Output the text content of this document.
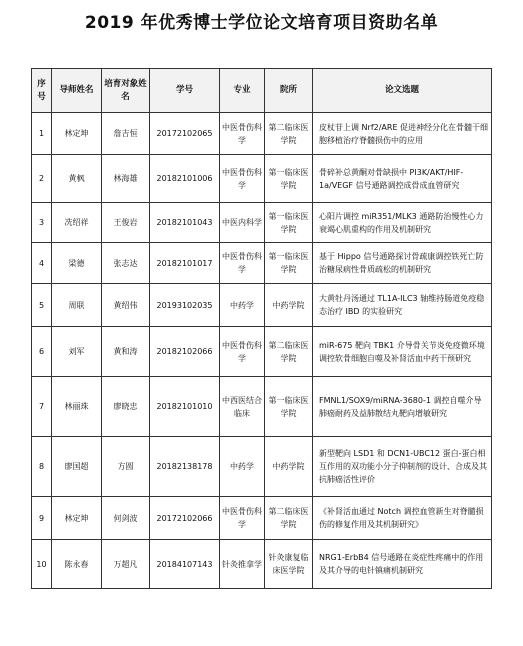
2019 年优秀博士学位论文培育项目资助名单
序号	导师姓名	培育对象姓名	学号	专业	院所	论文选题
1	林定坤	詹吉恒	20172102065	中医骨伤科学	第二临床医学院	皮杖苷上调 Nrf2/ARE 促进神经分化在骨髓干细胞移植治疗脊髓损伤中的应用
2	黄枫	林海雄	20182101006	中医骨伤科学	第一临床医学院	骨碎补总黄酮对骨缺损中 PI3K/AKT/HIF-1a/VEGF 信号通路调控成骨成血管研究
3	冼绍祥	王俊岩	20182101043	中医内科学	第一临床医学院	心阳片调控 miR351/MLK3 通路防治慢性心力衰竭心肌重构的作用及机制研究
4	梁德	张志达	20182101017	中医骨伤科学	第一临床医学院	基于 Hippo 信号通路探讨骨疏康调控铁死亡防治糖尿病性骨质疏松的机制研究
5	周联	黄绍伟	20193102035	中药学	中药学院	大黄牡丹汤通过 TL1A-ILC3 轴维持肠道免疫稳态治疗 IBD 的实验研究
6	刘军	黄和涛	20182102066	中医骨伤科学	第二临床医学院	miR-675 靶向 TBK1 介导骨关节炎免疫微环境调控软骨细胞自噬及补肾活血中药干预研究
7	林丽珠	廖晓忠	20182101010	中西医结合临床	第一临床医学院	FMNL1/SOX9/miRNA-3680-1 调控自噬介导肺癌耐药及益肺散结丸靶向增敏研究
8	廖国超	方圆	20182138178	中药学	中药学院	新型靶向 LSD1 和 DCN1-UBC12 蛋白-蛋白相互作用的双功能小分子抑制剂的设计、合成及其抗肺癌活性评价
9	林定坤	何剑波	20172102066	中医骨伤科学	第二临床医学院	《补肾活血通过 Notch 调控血管新生对脊髓损伤的修复作用及其机制研究》
10	陈永春	万超凡	20184107143	针灸推拿学	针灸康复临床医学院	NRG1-ErbB4 信号通路在炎症性疼痛中的作用及其介导的电针镇痛机制研究
